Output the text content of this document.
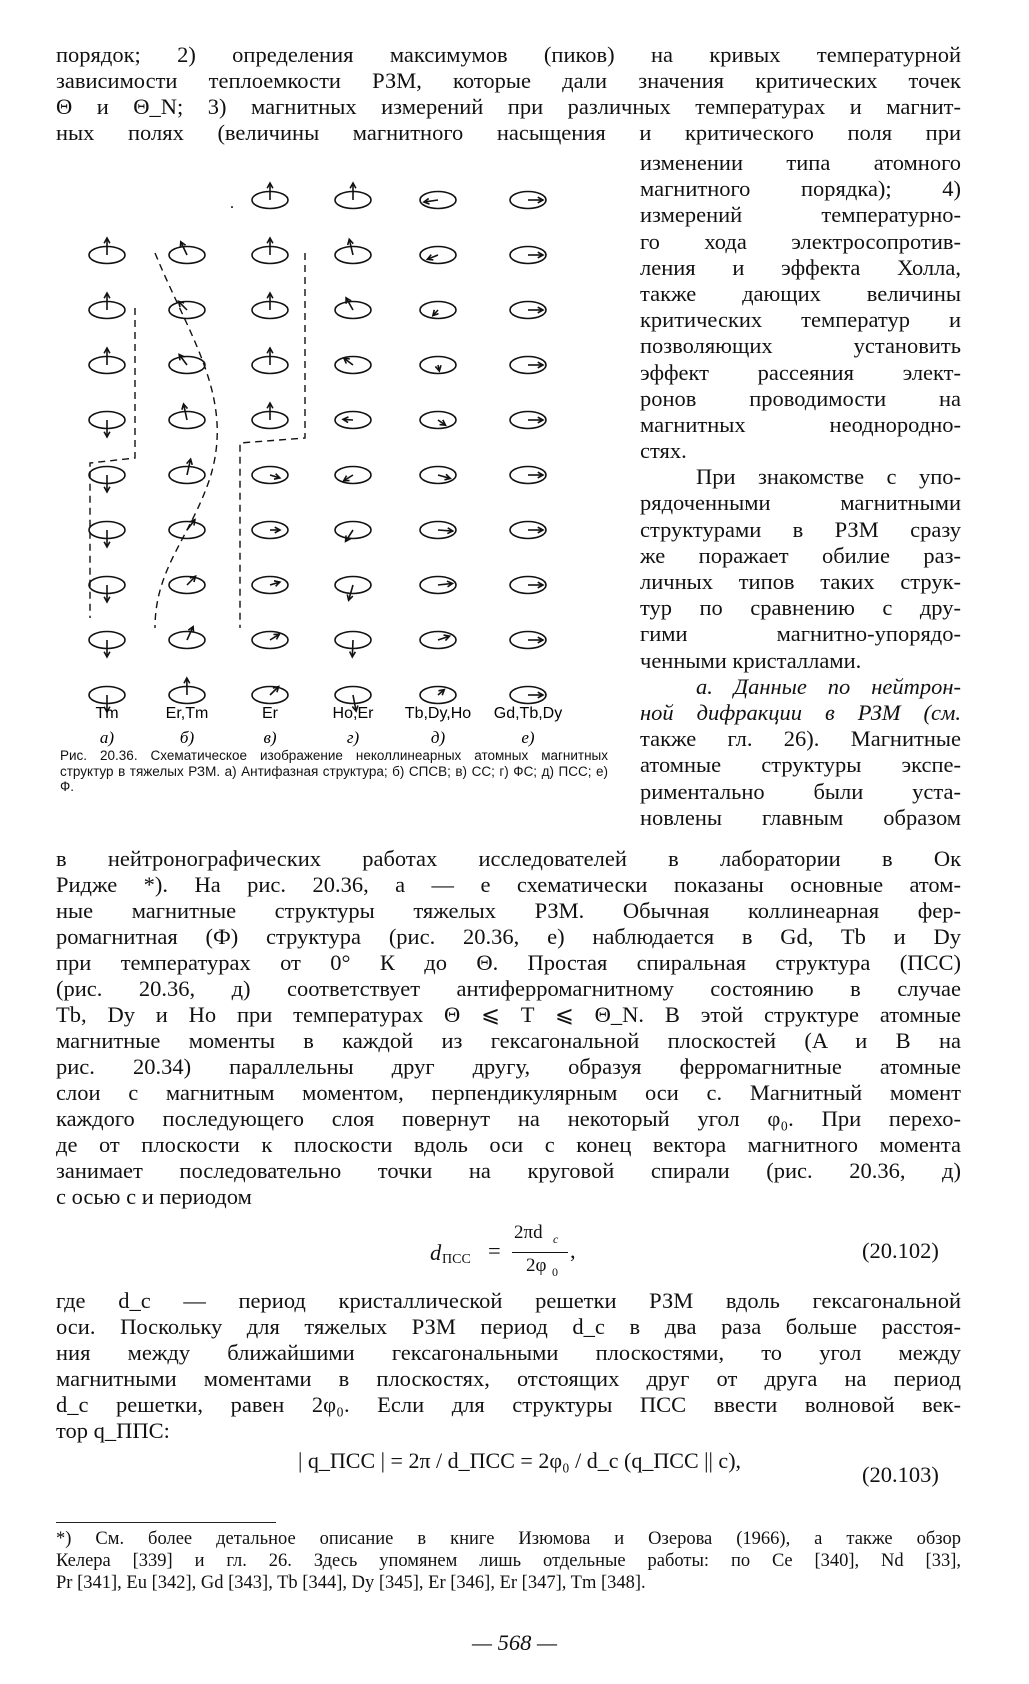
порядок; 2) определения максимумов (пиков) на кривых температурной
зависимости теплоемкости РЗМ, которые дали значения критических точек
Θ и Θ_N; 3) магнитных измерений при различных температурах и магнит-
ных полях (величины магнитного насыщения и критического поля при
изменении типа атомного
магнитного порядка); 4)
измерений температурно-
го хода электросопротив-
ления и эффекта Холла,
также дающих величины
критических температур и
позволяющих установить
эффект рассеяния элект-
ронов проводимости на
магнитных неоднородно-
стях.
При знакомстве с упо-
рядоченными магнитными
структурами в РЗМ сразу
же поражает обилие раз-
личных типов таких струк-
тур по сравнению с дру-
гими магнитно-упорядо-
ченными кристаллами.
а. Данные по нейтрон-
ной дифракции в РЗМ (см.
также гл. 26). Магнитные
атомные структуры экспе-
риментально были уста-
новлены главным образом
.
Tm	Er,Tm	Er	Ho,Er Tb,Dy,Ho Gd,Tb,Dy
а)	б)	в)	г)	д)	е)
Рис. 20.36. Схематическое изображение неколлинеарных атомных магнитных структур в тяжелых РЗМ. а) Антифазная структура; б) СПСВ; в) СС; г) ФС; д) ПСС; е) Ф.
в нейтронографических работах исследователей в лаборатории в Ок
Ридже *). На рис. 20.36, а — е схематически показаны основные атом-
ные магнитные структуры тяжелых РЗМ. Обычная коллинеарная фер-
ромагнитная (Ф) структура (рис. 20.36, е) наблюдается в Gd, Tb и Dy
при температурах от 0° К до Θ. Простая спиральная структура (ПСС)
(рис. 20.36, д) соответствует антиферромагнитному состоянию в случае
Tb, Dy и Ho при температурах Θ ⩽ T ⩽ Θ_N. В этой структуре атомные
магнитные моменты в каждой из гексагональной плоскостей (A и B на
рис. 20.34) параллельны друг другу, образуя ферромагнитные атомные
слои с магнитным моментом, перпендикулярным оси c. Магнитный момент
каждого последующего слоя повернут на некоторый угол φ₀. При перехо-
де от плоскости к плоскости вдоль оси c конец вектора магнитного момента
занимает последовательно точки на круговой спирали (рис. 20.36, д)
с осью c и периодом
d ПСС =
2πd c
2φ 0
,	(20.102)
где d_c — период кристаллической решетки РЗМ вдоль гексагональной
оси. Поскольку для тяжелых РЗМ период d_c в два раза больше расстоя-
ния между ближайшими гексагональными плоскостями, то угол между
магнитными моментами в плоскостях, отстоящих друг от друга на период
d_c решетки, равен 2φ₀. Если для структуры ПСС ввести волновой век-
тор q_ППС:
| q_ПСС | = 2π / d_ПСС = 2φ₀ / d_c (q_ПСС || c),
(20.103)
*) См. более детальное описание в книге Изюмова и Озерова (1966), а также обзор
Келера [339] и гл. 26. Здесь упомянем лишь отдельные работы: по Ce [340], Nd [33],
Pr [341], Eu [342], Gd [343], Tb [344], Dy [345], Er [346], Er [347], Tm [348].
— 568 —
